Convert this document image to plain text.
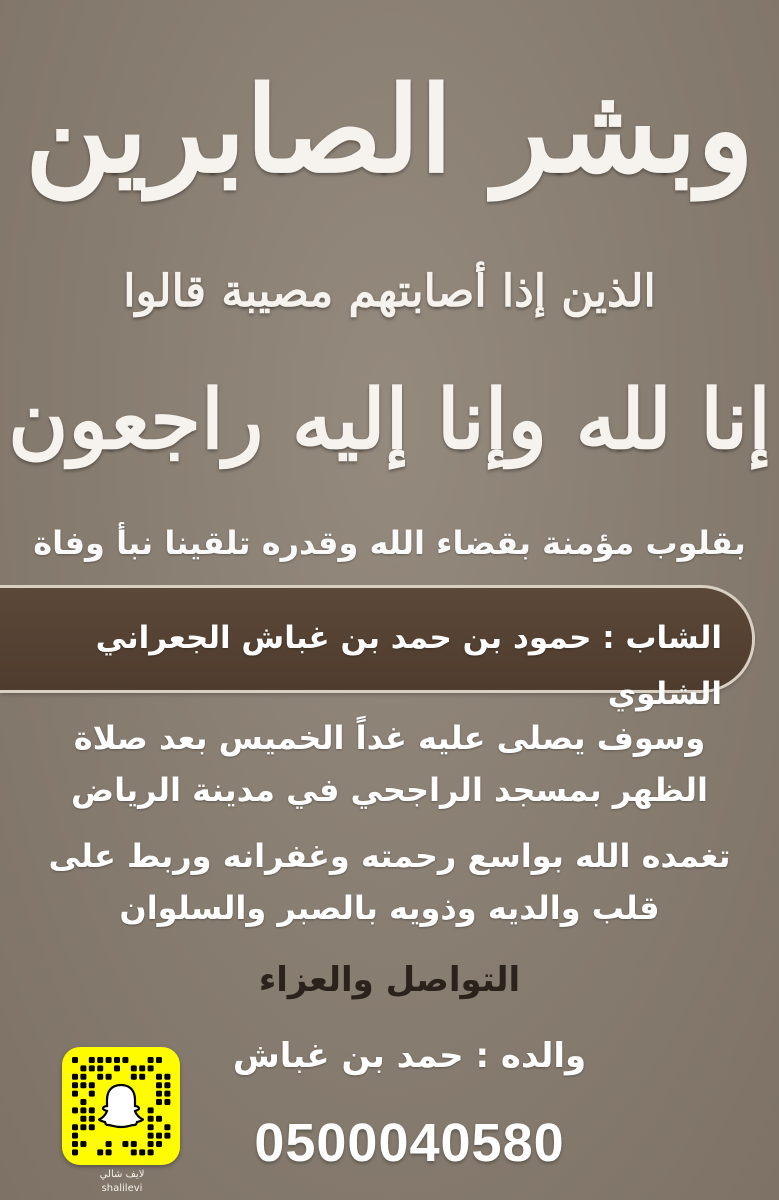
وبشر الصابرين
الذين إذا أصابتهم مصيبة قالوا
إنا لله وإنا إليه راجعون
بقلوب مؤمنة بقضاء الله وقدره تلقينا نبأ وفاة
الشاب : حمود بن حمد بن غباش الجعراني الشلوي
وسوف يصلى عليه غداً الخميس بعد صلاة
الظهر بمسجد الراجحي في مدينة الرياض
تغمده الله بواسع رحمته وغفرانه وربط على
قلب والديه وذويه بالصبر والسلوان
التواصل والعزاء
والده : حمد بن غباش
0500040580
لايف شالي
shalilevi
